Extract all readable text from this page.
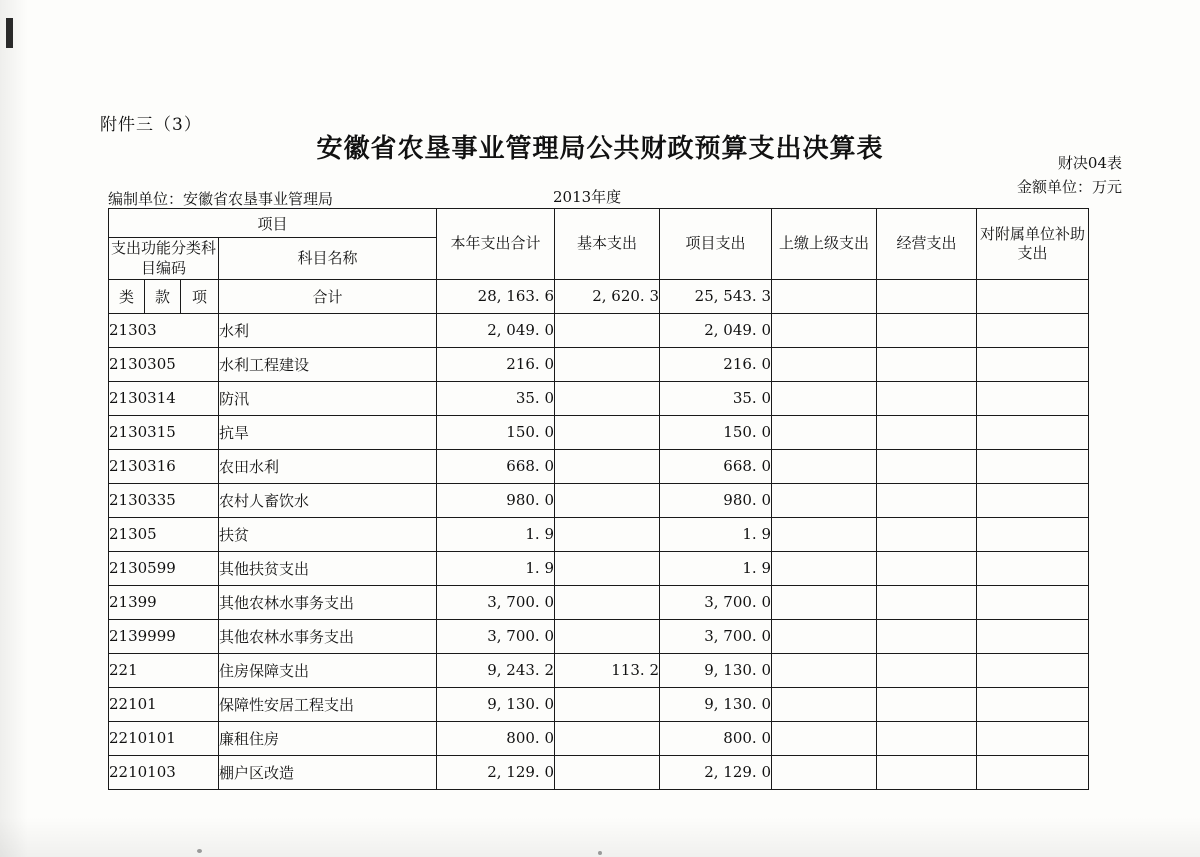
附件三（3）
安徽省农垦事业管理局公共财政预算支出决算表	财决04表
金额单位：万元
编制单位：安徽省农垦事业管理局	2013年度
项目				本年支出合计	基本支出	项目支出	上缴上级支出	经营支出	对附属单位补助支出
支出功能分类科目编码			科目名称						
类	款	项	合计	28, 163. 6	2, 620. 3	25, 543. 3			
21303			水利	2, 049. 0		2, 049. 0			
2130305			水利工程建设	216. 0		216. 0			
2130314			防汛	35. 0		35. 0			
2130315			抗旱	150. 0		150. 0			
2130316			农田水利	668. 0		668. 0			
2130335			农村人畜饮水	980. 0		980. 0			
21305			扶贫	1. 9		1. 9			
2130599			其他扶贫支出	1. 9		1. 9			
21399			其他农林水事务支出	3, 700. 0		3, 700. 0			
2139999			其他农林水事务支出	3, 700. 0		3, 700. 0			
221			住房保障支出	9, 243. 2	113. 2	9, 130. 0			
22101			保障性安居工程支出	9, 130. 0		9, 130. 0			
2210101			廉租住房	800. 0		800. 0			
2210103			棚户区改造	2, 129. 0		2, 129. 0			
